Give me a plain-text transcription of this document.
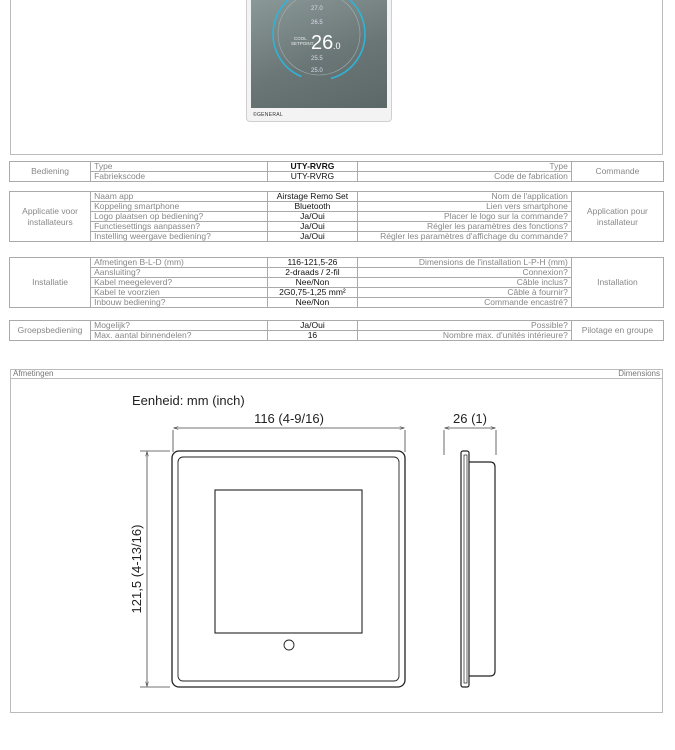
27.0
26.5
25.5
25.0
COOL
SETPOINT
26 .0
©GENERAL
Bediening	Type	UTY-RVRG	Type	Commande
	Fabriekscode	UTY-RVRG	Code de fabrication	
Applicatie voor installateurs	Naam app	Airstage Remo Set	Nom de l'application	Application pour installateur
	Koppeling smartphone	Bluetooth	Lien vers smartphone	
	Logo plaatsen op bediening?	Ja/Oui	Placer le logo sur la commande?	
	Functiesettings aanpassen?	Ja/Oui	Régler les paramètres des fonctions?	
	Instelling weergave bediening?	Ja/Oui	Régler les paramètres d'affichage du commande?	
Installatie	Afmetingen B-L-D (mm)	116-121,5-26	Dimensions de l'installation L-P-H (mm)	Installation
	Aansluiting?	2-draads / 2-fil	Connexion?	
	Kabel meegeleverd?	Nee/Non	Câble inclus?	
	Kabel te voorzien	2G0,75-1,25 mm²	Câble à fournir?	
	Inbouw bediening?	Nee/Non	Commande encastré?	
Groepsbediening	Mogelijk?	Ja/Oui	Possible?	Pilotage en groupe
	Max. aantal binnendelen?	16	Nombre max. d'unités intérieure?	
Afmetingen	Dimensions
Eenheid: mm (inch)
116 (4-9/16)	26 (1)
121,5 (4-13/16)
